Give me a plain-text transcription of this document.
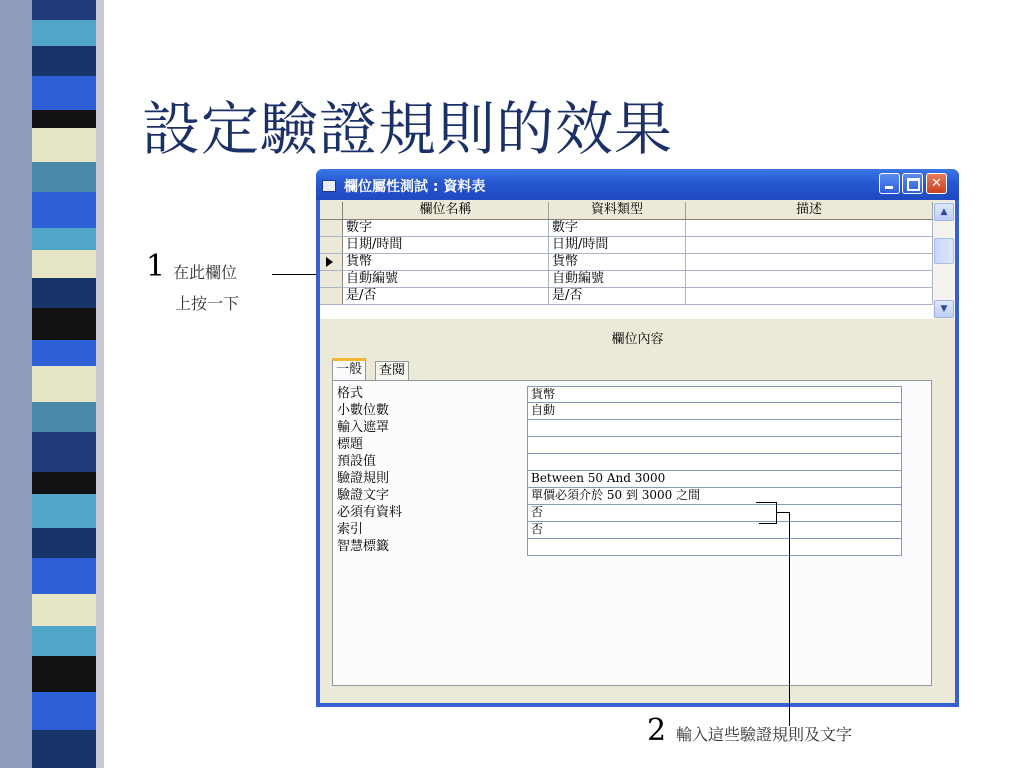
設定驗證規則的效果
1 在此欄位
上按一下
欄位屬性測試 : 資料表	✕
欄位名稱	資料類型	描述
數字	數字
日期/時間	日期/時間
貨幣	貨幣
自動編號	自動編號
是/否	是/否
▲
▼
欄位內容
一般	查閱
格式	貨幣
小數位數	自動
輸入遮罩
標題
預設值
驗證規則	Between 50 And 3000
驗證文字	單價必須介於 50 到 3000 之間
必須有資料	否
索引	否
智慧標籤
2 輸入這些驗證規則及文字
